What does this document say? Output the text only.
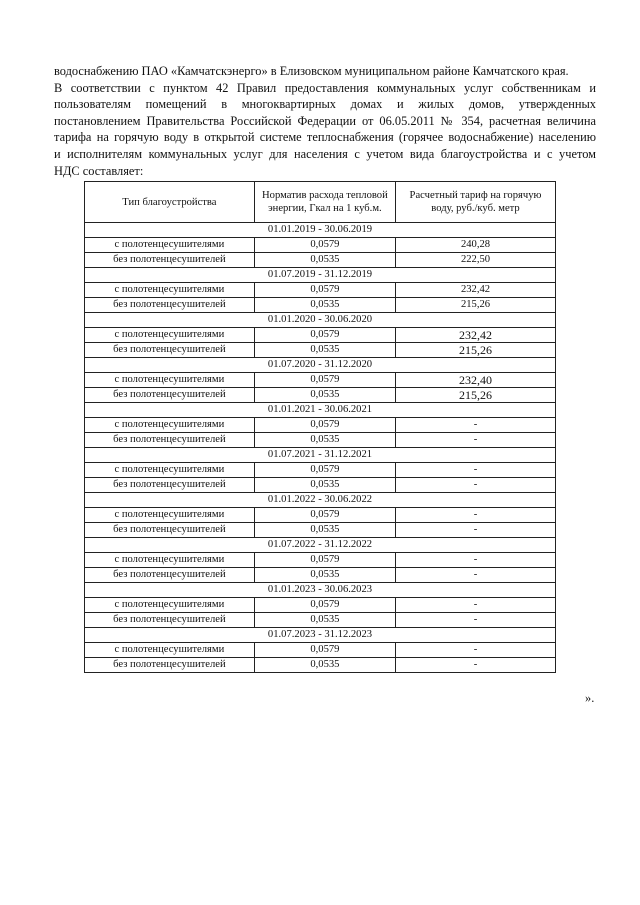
водоснабжению ПАО «Камчатскэнерго» в Елизовском муниципальном районе Камчатского края.
В соответствии с пунктом 42 Правил предоставления коммунальных услуг собственникам и
пользователям помещений в многоквартирных домах и жилых домов, утвержденных
постановлением Правительства Российской Федерации от 06.05.2011 № 354, расчетная величина
тарифа на горячую воду в открытой системе теплоснабжения (горячее водоснабжение) населению
и исполнителям коммунальных услуг для населения с учетом вида благоустройства и с учетом
НДС составляет:
Тип благоустройства	Норматив расхода тепловой энергии, Гкал на 1 куб.м.	Расчетный тариф на горячую воду, руб./куб. метр
01.01.2019 - 30.06.2019		
с полотенцесушителями	0,0579	240,28
без полотенцесушителей	0,0535	222,50
01.07.2019 - 31.12.2019		
с полотенцесушителями	0,0579	232,42
без полотенцесушителей	0,0535	215,26
01.01.2020 - 30.06.2020		
с полотенцесушителями	0,0579	232,42
без полотенцесушителей	0,0535	215,26
01.07.2020 - 31.12.2020		
с полотенцесушителями	0,0579	232,40
без полотенцесушителей	0,0535	215,26
01.01.2021 - 30.06.2021		
с полотенцесушителями	0,0579	-
без полотенцесушителей	0,0535	-
01.07.2021 - 31.12.2021		
с полотенцесушителями	0,0579	-
без полотенцесушителей	0,0535	-
01.01.2022 - 30.06.2022		
с полотенцесушителями	0,0579	-
без полотенцесушителей	0,0535	-
01.07.2022 - 31.12.2022		
с полотенцесушителями	0,0579	-
без полотенцесушителей	0,0535	-
01.01.2023 - 30.06.2023		
с полотенцесушителями	0,0579	-
без полотенцесушителей	0,0535	-
01.07.2023 - 31.12.2023		
с полотенцесушителями	0,0579	-
без полотенцесушителей	0,0535	-
».
